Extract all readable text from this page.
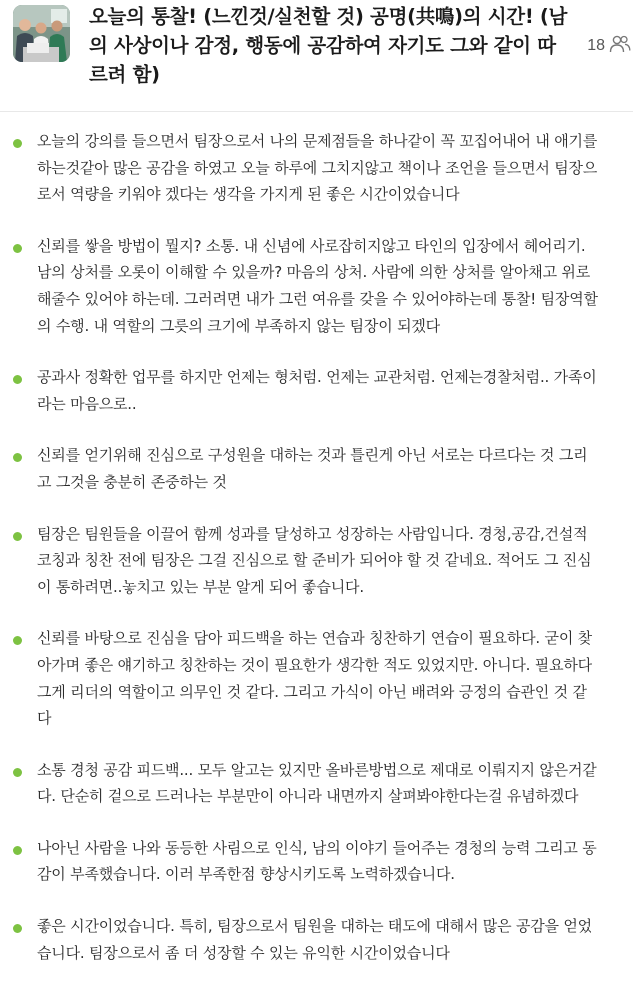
오늘의 통찰! (느낀것/실천할 것) 공명(共鳴)의 시간! (남의 사상이나 감정, 행동에 공감하여 자기도 그와 같이 따르려 함)
18
오늘의 강의를 들으면서 팀장으로서 나의 문제점들을 하나같이 꼭 꼬집어내어 내 애기를 하는것같아 많은 공감을 하였고 오늘 하루에 그치지않고 책이나 조언을 들으면서 팀장으로서 역량을 키워야 겠다는 생각을 가지게 된 좋은 시간이었습니다
신뢰를 쌓을 방법이 뭘지? 소통. 내 신념에 사로잡히지않고 타인의 입장에서 헤어리기. 남의 상처를 오롯이 이해할 수 있을까? 마음의 상처. 사람에 의한 상처를 알아채고 위로해줄수 있어야 하는데. 그러려면 내가 그런 여유를 갖을 수 있어야하는데 통찰! 팀장역할의 수행. 내 역할의 그릇의 크기에 부족하지 않는 팀장이 되겠다
공과사 정확한 업무를 하지만 언제는 형처럼. 언제는 교관처럼. 언제는경찰처럼.. 가족이라는 마음으로..
신뢰를 얻기위해 진심으로 구성원을 대하는 것과 틀린게 아닌 서로는 다르다는 것 그리고 그것을 충분히 존중하는 것
팀장은 팀원들을 이끌어 함께 성과를 달성하고 성장하는 사람입니다. 경청,공감,건설적 코칭과 칭찬 전에 팀장은 그걸 진심으로 할 준비가 되어야 할 것 같네요. 적어도 그 진심이 통하려면..놓치고 있는 부분 알게 되어 좋습니다.
신뢰를 바탕으로 진심을 담아 피드백을 하는 연습과 칭찬하기 연습이 필요하다. 굳이 찾아가며 좋은 얘기하고 칭찬하는 것이 필요한가 생각한 적도 있었지만. 아니다. 필요하다 그게 리더의 역할이고 의무인 것 같다. 그리고 가식이 아닌 배려와 긍정의 습관인 것 같다
소통 경청 공감 피드백... 모두 알고는 있지만 올바른방법으로 제대로 이뤄지지 않은거같다. 단순히 겉으로 드러나는 부분만이 아니라 내면까지 살펴봐야한다는걸 유념하겠다
나아닌 사람을 나와 동등한 사림으로 인식, 남의 이야기 들어주는 경청의 능력 그리고 동감이 부족했습니다. 이러 부족한점 향상시키도록 노력하겠습니다.
좋은 시간이었습니다. 특히, 팀장으로서 팀원을 대하는 태도에 대해서 많은 공감을 얻었습니다. 팀장으로서 좀 더 성장할 수 있는 유익한 시간이었습니다
